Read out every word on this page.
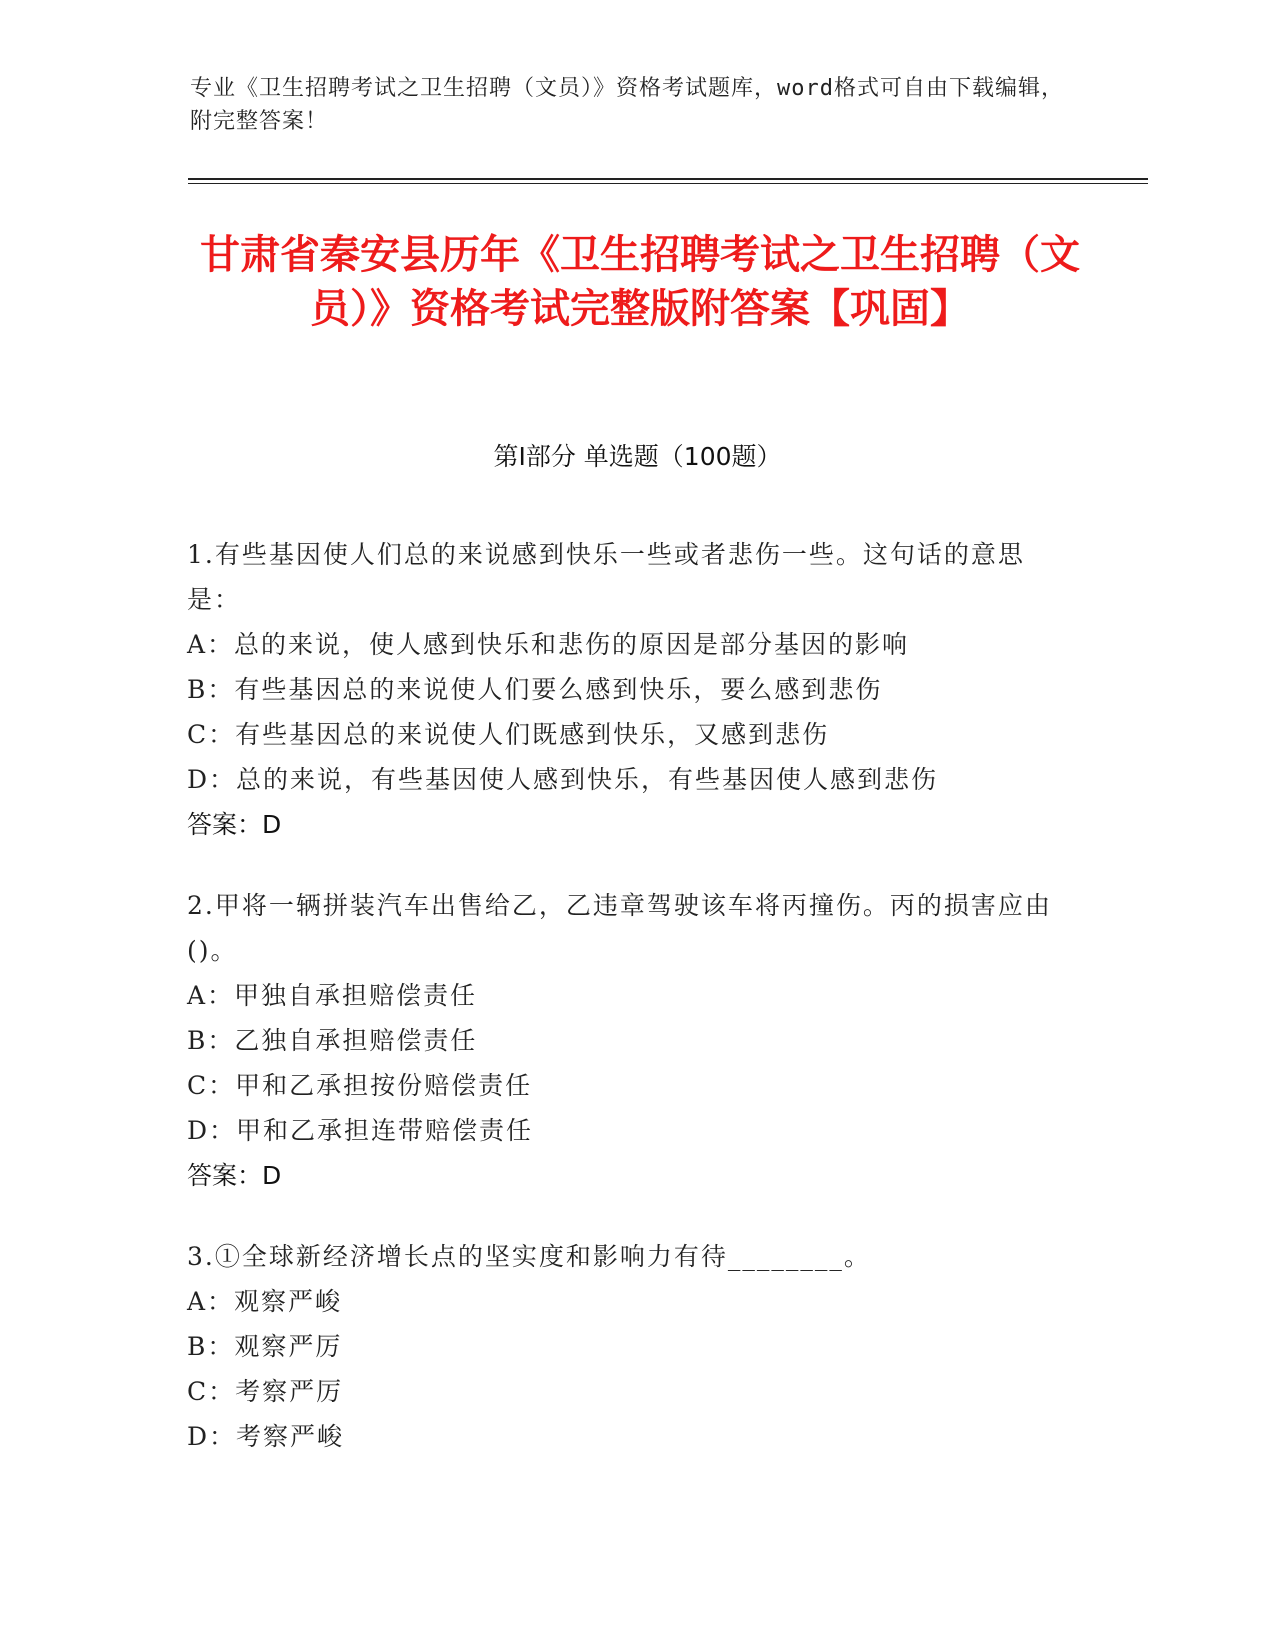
专业《卫生招聘考试之卫生招聘（文员）》资格考试题库，word格式可自由下载编辑，附完整答案！
甘肃省秦安县历年《卫生招聘考试之卫生招聘（文员）》资格考试完整版附答案【巩固】
第Ⅰ部分 单选题（100题）
1.有些基因使人们总的来说感到快乐一些或者悲伤一些。这句话的意思是：
A：总的来说，使人感到快乐和悲伤的原因是部分基因的影响
B：有些基因总的来说使人们要么感到快乐，要么感到悲伤
C：有些基因总的来说使人们既感到快乐，又感到悲伤
D：总的来说，有些基因使人感到快乐，有些基因使人感到悲伤
答案：D
2.甲将一辆拼装汽车出售给乙，乙违章驾驶该车将丙撞伤。丙的损害应由()。
A：甲独自承担赔偿责任
B：乙独自承担赔偿责任
C：甲和乙承担按份赔偿责任
D：甲和乙承担连带赔偿责任
答案：D
3.①全球新经济增长点的坚实度和影响力有待________。
A：观察严峻
B：观察严厉
C：考察严厉
D：考察严峻
